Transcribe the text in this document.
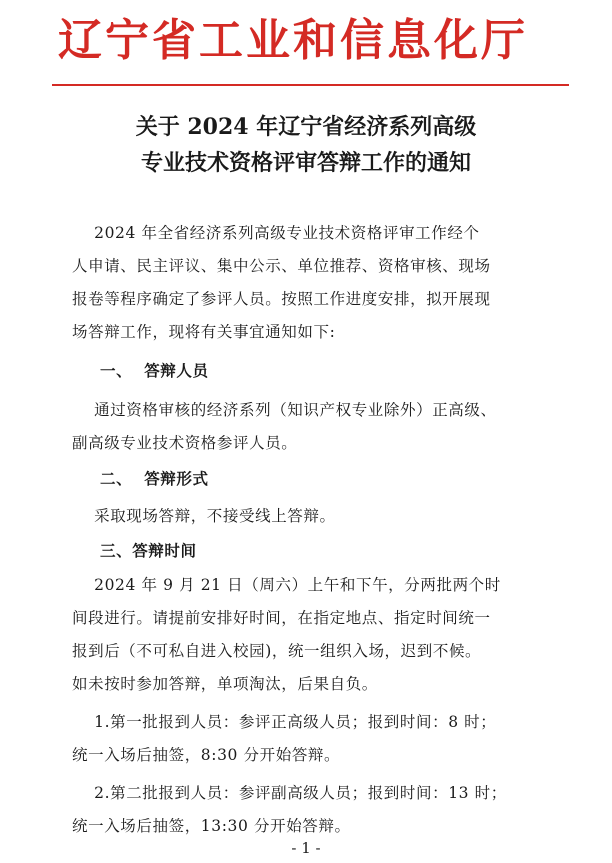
辽宁省工业和信息化厅
关于 2024 年辽宁省经济系列高级
专业技术资格评审答辩工作的通知
2024 年全省经济系列高级专业技术资格评审工作经个
人申请、民主评议、集中公示、单位推荐、资格审核、现场
报卷等程序确定了参评人员。按照工作进度安排，拟开展现
场答辩工作，现将有关事宜通知如下:
一、  答辩人员
通过资格审核的经济系列（知识产权专业除外）正高级、
副高级专业技术资格参评人员。
二、  答辩形式
采取现场答辩，不接受线上答辩。
三、答辩时间
2024 年 9 月 21 日（周六）上午和下午，分两批两个时
间段进行。请提前安排好时间，在指定地点、指定时间统一
报到后（不可私自进入校园)，统一组织入场，迟到不候。
如未按时参加答辩，单项淘汰，后果自负。
1.第一批报到人员：参评正高级人员；报到时间：8 时；
统一入场后抽签，8:30 分开始答辩。
2.第二批报到人员：参评副高级人员；报到时间：13 时；
统一入场后抽签，13:30 分开始答辩。
- 1 -
